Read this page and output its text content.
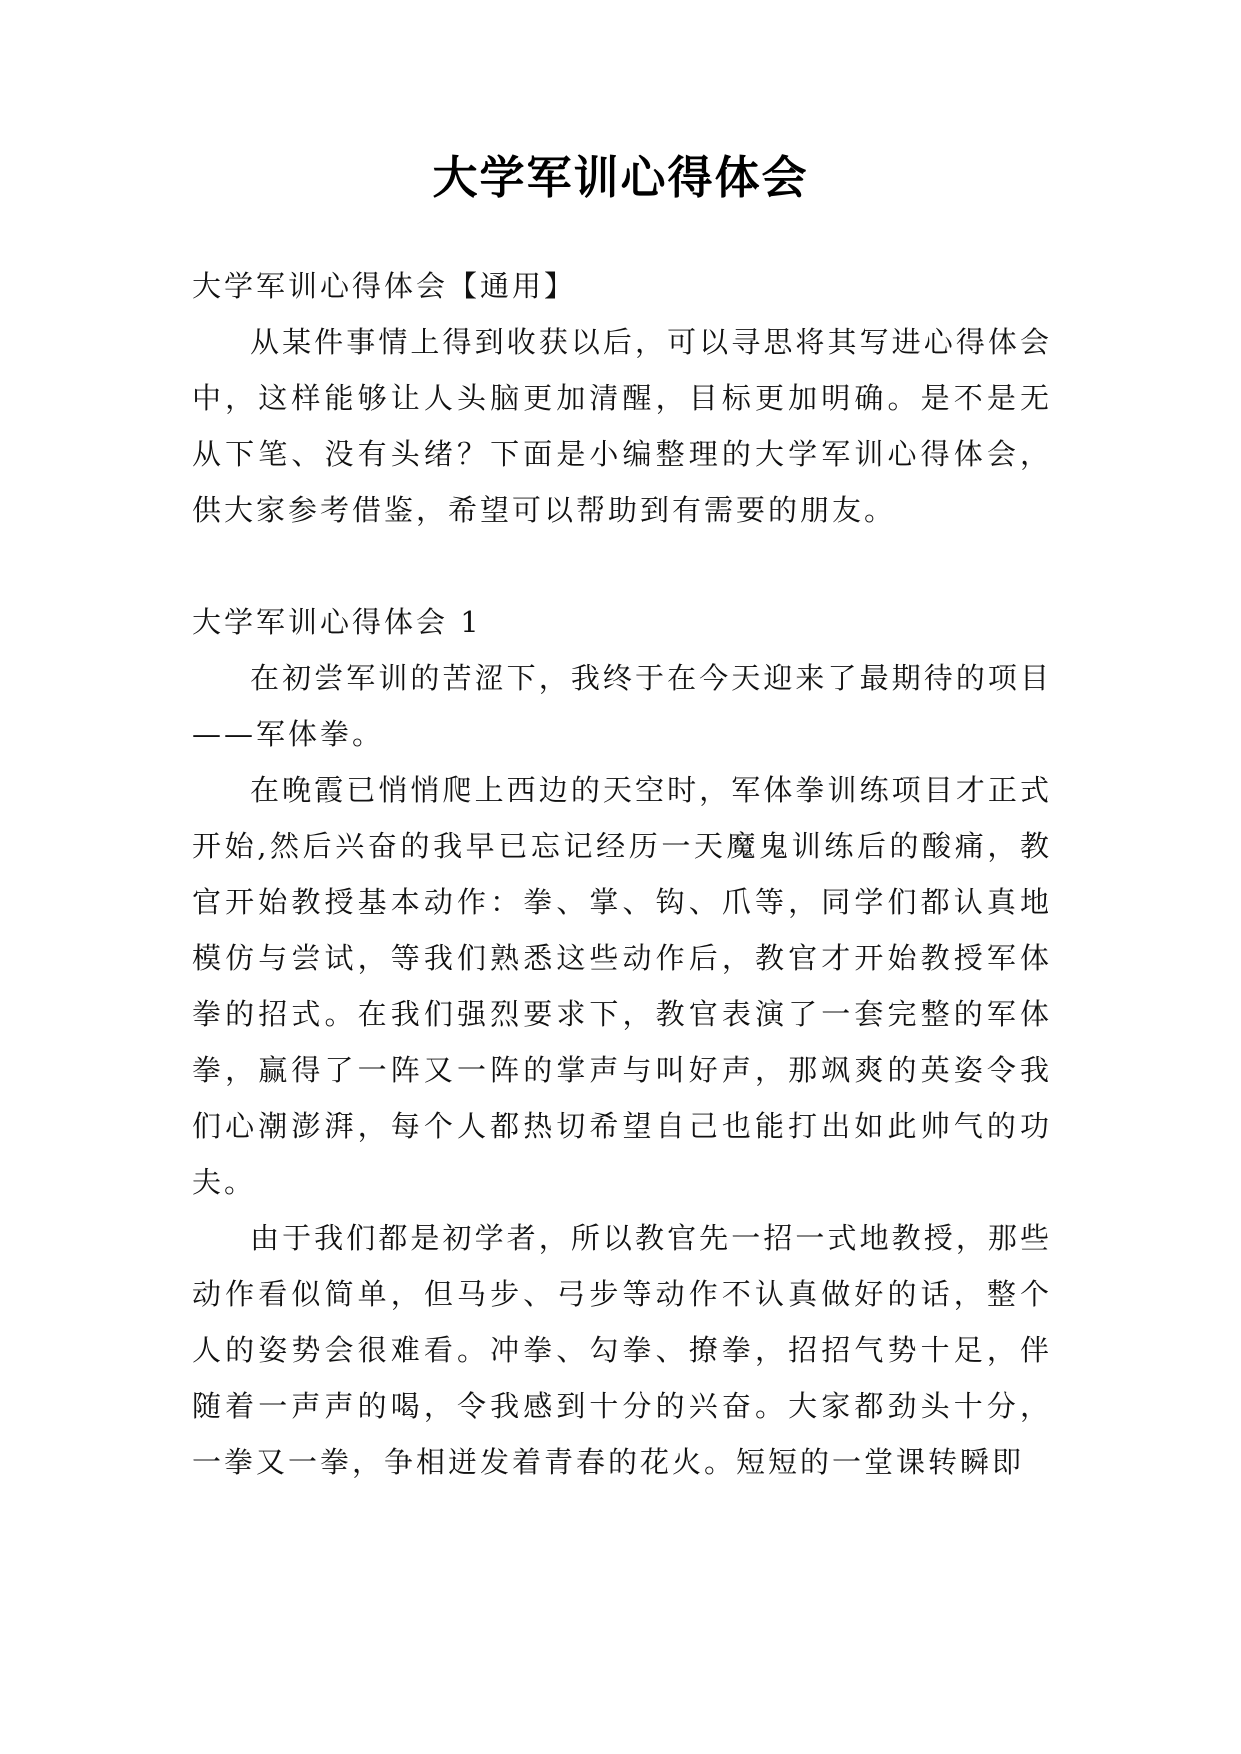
大学军训心得体会

大学军训心得体会【通用】

从某件事情上得到收获以后，可以寻思将其写进心得体会中，这样能够让人头脑更加清醒，目标更加明确。是不是无从下笔、没有头绪？下面是小编整理的大学军训心得体会，供大家参考借鉴，希望可以帮助到有需要的朋友。

大学军训心得体会 1

在初尝军训的苦涩下，我终于在今天迎来了最期待的项目——军体拳。

在晚霞已悄悄爬上西边的天空时，军体拳训练项目才正式开始,然后兴奋的我早已忘记经历一天魔鬼训练后的酸痛，教官开始教授基本动作：拳、掌、钩、爪等，同学们都认真地模仿与尝试，等我们熟悉这些动作后，教官才开始教授军体拳的招式。在我们强烈要求下，教官表演了一套完整的军体拳，赢得了一阵又一阵的掌声与叫好声，那飒爽的英姿令我们心潮澎湃，每个人都热切希望自己也能打出如此帅气的功夫。

由于我们都是初学者，所以教官先一招一式地教授，那些动作看似简单，但马步、弓步等动作不认真做好的话，整个人的姿势会很难看。冲拳、勾拳、撩拳，招招气势十足，伴随着一声声的喝，令我感到十分的兴奋。大家都劲头十分，一拳又一拳，争相迸发着青春的花火。短短的一堂课转瞬即
